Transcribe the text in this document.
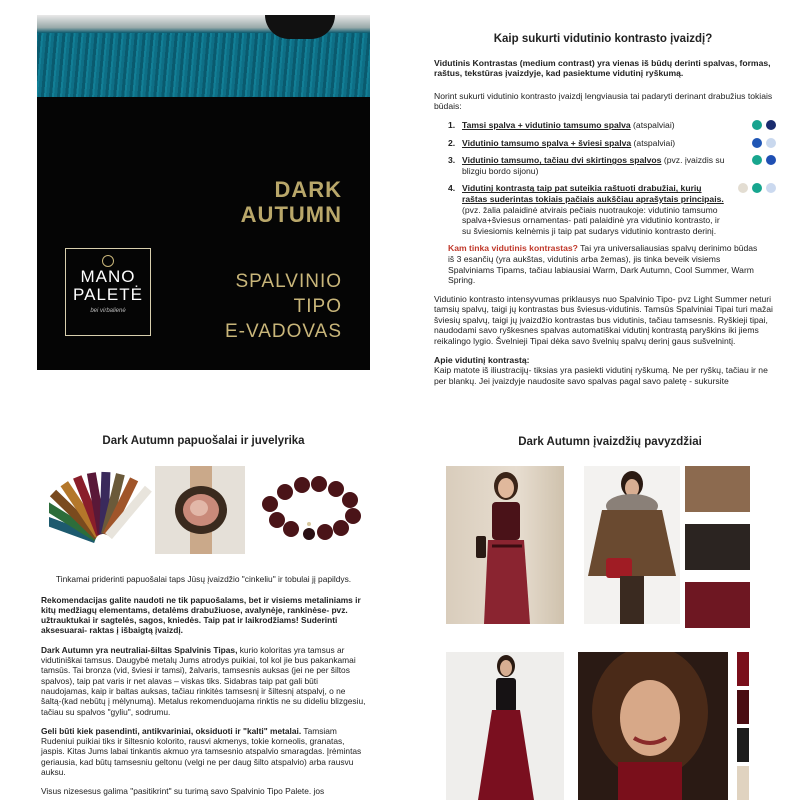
DARK
AUTUMN
SPALVINIO
TIPO
E-VADOVAS
MANO
PALETĖ
bei virbalienė
Kaip sukurti vidutinio kontrasto įvaizdį?
Vidutinis Kontrastas (medium contrast) yra vienas iš būdų derinti spalvas, formas, raštus, tekstūras įvaizdyje, kad pasiektume vidutinį ryškumą.
Norint sukurti vidutinio kontrasto įvaizdį lengviausia tai padaryti derinant drabužius tokiais būdais:
1. Tamsi spalva + vidutinio tamsumo spalva (atspalviai)
2. Vidutinio tamsumo spalva + šviesi spalva (atspalviai)
3. Vidutinio tamsumo, tačiau dvi skirtingos spalvos (pvz. įvaizdis su blizgiu bordo sijonu)
4. Vidutinį kontrastą taip pat suteikia raštuoti drabužiai, kurių raštas suderintas tokiais pačiais aukščiau aprašytais principais. (pvz. žalia palaidinė atvirais pečiais nuotraukoje: vidutinio tamsumo spalva+šviesus ornamentas- pati palaidinė yra vidutinio kontrasto, ir su šviesiomis kelnėmis ji taip pat sudarys vidutinio kontrasto derinį.
Kam tinka vidutinis kontrastas? Tai yra universaliausias spalvų derinimo būdas iš 3 esančių (yra aukštas, vidutinis arba žemas), jis tinka beveik visiems Spalviniams Tipams, tačiau labiausiai Warm, Dark Autumn, Cool Summer, Warm Spring.
Vidutinio kontrasto intensyvumas priklausys nuo Spalvinio Tipo- pvz Light Summer neturi tamsių spalvų, taigi jų kontrastas bus šviesus-vidutinis. Tamsūs Spalviniai Tipai turi mažai šviesių spalvų, taigi jų įvaizdžio kontrastas bus vidutinis, tačiau tamsesnis. Ryškieji tipai, naudodami savo ryškesnes spalvas automatiškai vidutinį kontrastą paryškins iki jiems reikalingo lygio. Švelnieji Tipai dėka savo švelnių spalvų derinį gaus sušvelnintį.
Apie vidutinį kontrastą:
Kaip matote iš iliustracijų- tiksias yra pasiekti vidutinį ryškumą. Ne per ryškų, tačiau ir ne per blankų. Jei įvaizdyje naudosite savo spalvas pagal savo paletę - sukursite
Dark Autumn papuošalai ir juvelyrika
Tinkamai priderinti papuošalai taps Jūsų įvaizdžio "cinkeliu" ir tobulai jį papildys.
Rekomendacijas galite naudoti ne tik papuošalams, bet ir visiems metaliniams ir kitų medžiagų elementams, detalėms drabužiuose, avalynėje, rankinėse- pvz. užtrauktukai ir sagtelės, sagos, kniedės. Taip pat ir laikrodžiams! Suderinti aksesuarai- raktas į išbaigtą įvaizdį.
Dark Autumn yra neutraliai-šiltas Spalvinis Tipas, kurio koloritas yra tamsus ar vidutiniškai tamsus. Daugybė metalų Jums atrodys puikiai, tol kol jie bus pakankamai tamsūs. Tai bronza (vid, šviesi ir tamsi), žalvaris, tamsesnis auksas (jei ne per šiltos spalvos), taip pat varis ir net alavas – viskas tiks. Sidabras taip pat gali būti naudojamas, kaip ir baltas auksas, tačiau rinkitės tamsesnį ir šiltesnį atspalvį, o ne šaltą-(kad nebūtų į mėlynumą). Metalus rekomenduojama rinktis ne su dideliu blizgesiu, tačiau su spalvos "gyliu", sodrumu.
Geli būti kiek pasendinti, antikvariniai, oksiduoti ir "kalti" metalai. Tamsiam Rudeniui puikiai tiks ir šiltesnio kolorito, rausvi akmenys, tokie korneolis, granatas, jaspis. Kitas Jums labai tinkantis akmuo yra tamsesnio atspalvio smaragdas. Įrėmintas geriausia, kad būtų tamsesniu geltonu (velgi ne per daug šilto atspalvio) arba rausvu auksu.
Visus nizesesus galima "pasitikrint" su turimą savo Spalvinio Tipo Palete. jos
Dark Autumn įvaizdžių pavyzdžiai
